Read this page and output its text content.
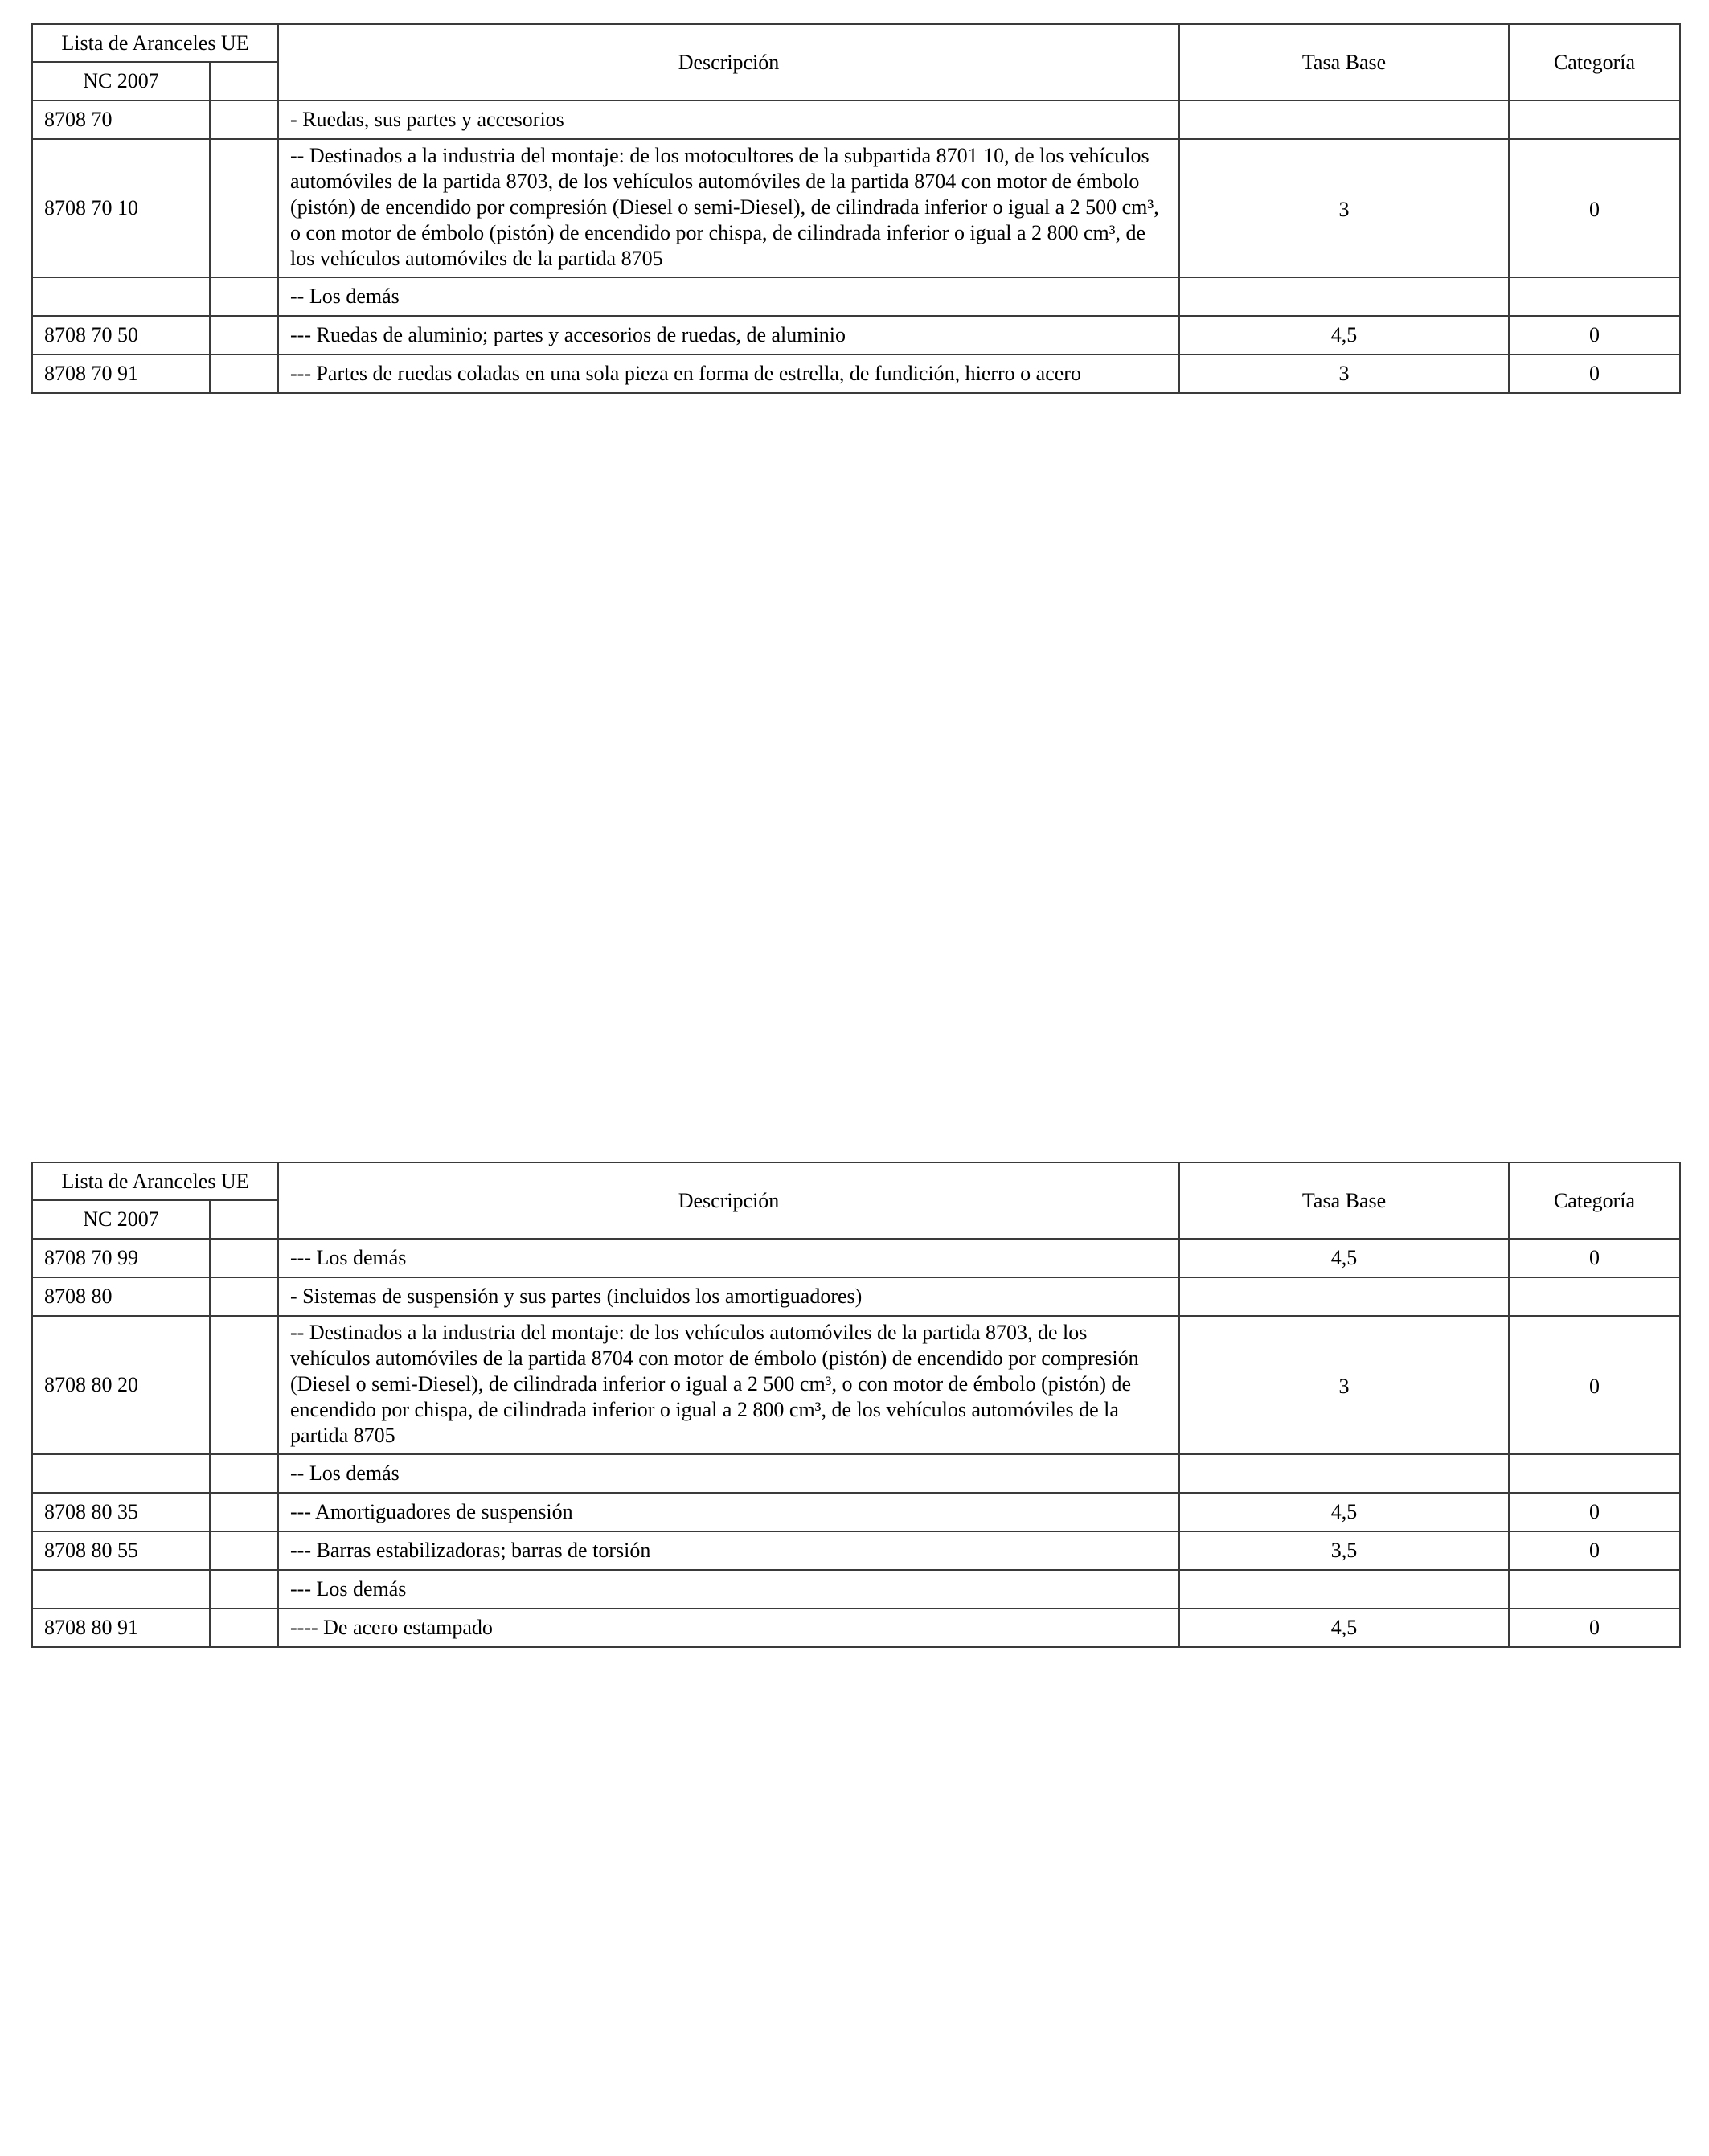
Lista de Aranceles UE		Descripción	Tasa Base	Categoría
NC 2007				
8708 70		- Ruedas, sus partes y accesorios		
8708 70 10		-- Destinados a la industria del montaje: de los motocultores de la subpartida 8701 10, de los vehículos automóviles de la partida 8703, de los vehículos automóviles de la partida 8704 con motor de émbolo (pistón) de encendido por compresión (Diesel o semi-Diesel), de cilindrada inferior o igual a 2 500 cm³, o con motor de émbolo (pistón) de encendido por chispa, de cilindrada inferior o igual a 2 800 cm³, de los vehículos automóviles de la partida 8705	3	0
		-- Los demás		
8708 70 50		--- Ruedas de aluminio; partes y accesorios de ruedas, de aluminio	4,5	0
8708 70 91		--- Partes de ruedas coladas en una sola pieza en forma de estrella, de fundición, hierro o acero	3	0
Lista de Aranceles UE		Descripción	Tasa Base	Categoría
NC 2007				
8708 70 99		--- Los demás	4,5	0
8708 80		- Sistemas de suspensión y sus partes (incluidos los amortiguadores)		
8708 80 20		-- Destinados a la industria del montaje: de los vehículos automóviles de la partida 8703, de los vehículos automóviles de la partida 8704 con motor de émbolo (pistón) de encendido por compresión (Diesel o semi-Diesel), de cilindrada inferior o igual a 2 500 cm³, o con motor de émbolo (pistón) de encendido por chispa, de cilindrada inferior o igual a 2 800 cm³, de los vehículos automóviles de la partida 8705	3	0
		-- Los demás		
8708 80 35		--- Amortiguadores de suspensión	4,5	0
8708 80 55		--- Barras estabilizadoras; barras de torsión	3,5	0
		--- Los demás		
8708 80 91		---- De acero estampado	4,5	0
